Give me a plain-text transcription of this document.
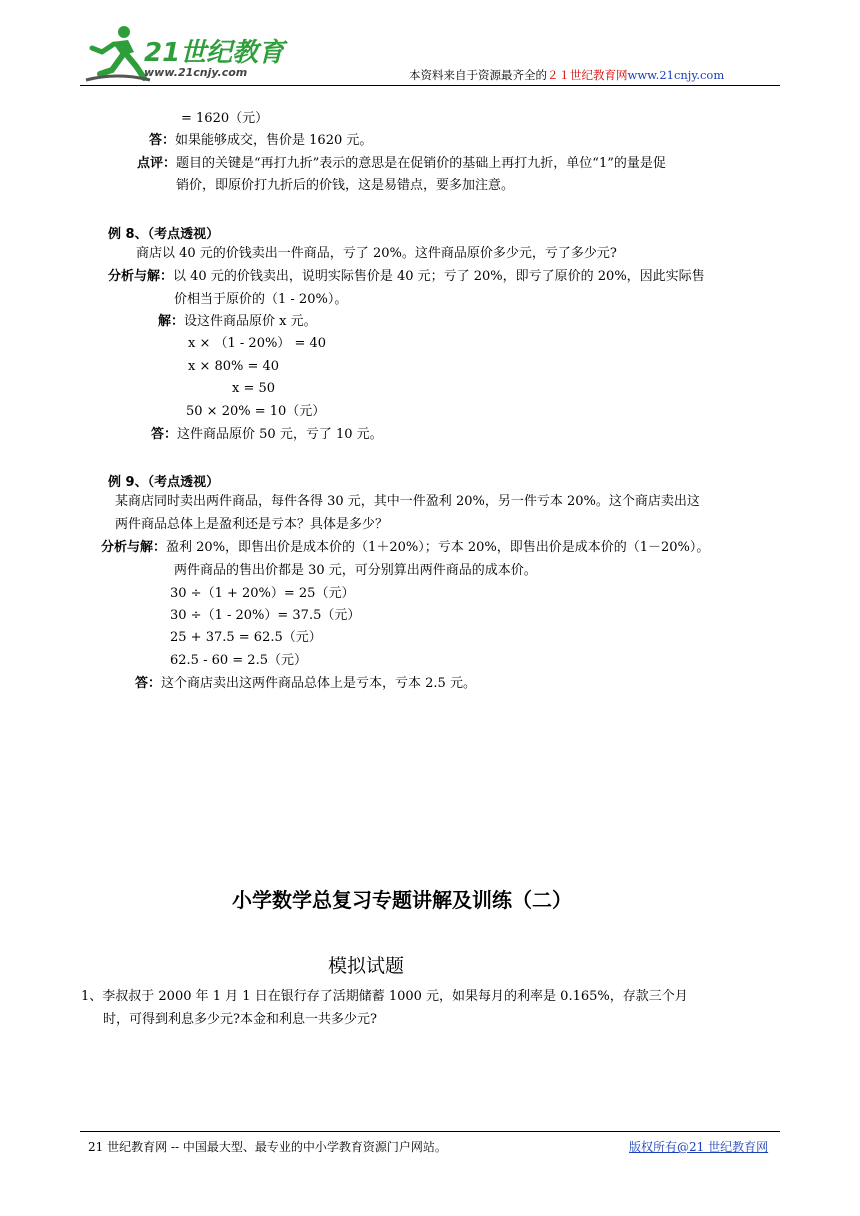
21世纪教育
www.21cnjy.com	本资料来自于资源最齐全的２１世纪教育网www.21cnjy.com
= 1620（元）
答：如果能够成交，售价是 1620 元。
点评：题目的关键是“再打九折”表示的意思是在促销价的基础上再打九折，单位“1”的量是促
销价，即原价打九折后的价钱，这是易错点，要多加注意。
例 8、（考点透视）
商店以 40 元的价钱卖出一件商品，亏了 20%。这件商品原价多少元，亏了多少元?
分析与解：以 40 元的价钱卖出，说明实际售价是 40 元；亏了 20%，即亏了原价的 20%，因此实际售
价相当于原价的（1 - 20%）。
解：设这件商品原价 x 元。
x × （1 - 20%） = 40
x × 80% = 40
x = 50
50 × 20% = 10（元）
答：这件商品原价 50 元，亏了 10 元。
例 9、（考点透视）
某商店同时卖出两件商品，每件各得 30 元，其中一件盈利 20%，另一件亏本 20%。这个商店卖出这
两件商品总体上是盈利还是亏本？具体是多少？
分析与解：盈利 20%，即售出价是成本价的（1＋20%）；亏本 20%，即售出价是成本价的（1－20%）。
两件商品的售出价都是 30 元，可分别算出两件商品的成本价。
30 ÷（1 + 20%）= 25（元）
30 ÷（1 - 20%）= 37.5（元）
25 + 37.5 = 62.5（元）
62.5 - 60 = 2.5（元）
答：这个商店卖出这两件商品总体上是亏本，亏本 2.5 元。
小学数学总复习专题讲解及训练（二）
模拟试题
1、李叔叔于 2000 年 1 月 1 日在银行存了活期储蓄 1000 元，如果每月的利率是 0.165%，存款三个月
时，可得到利息多少元?本金和利息一共多少元?
21 世纪教育网 -- 中国最大型、最专业的中小学教育资源门户网站。	版权所有@21 世纪教育网
